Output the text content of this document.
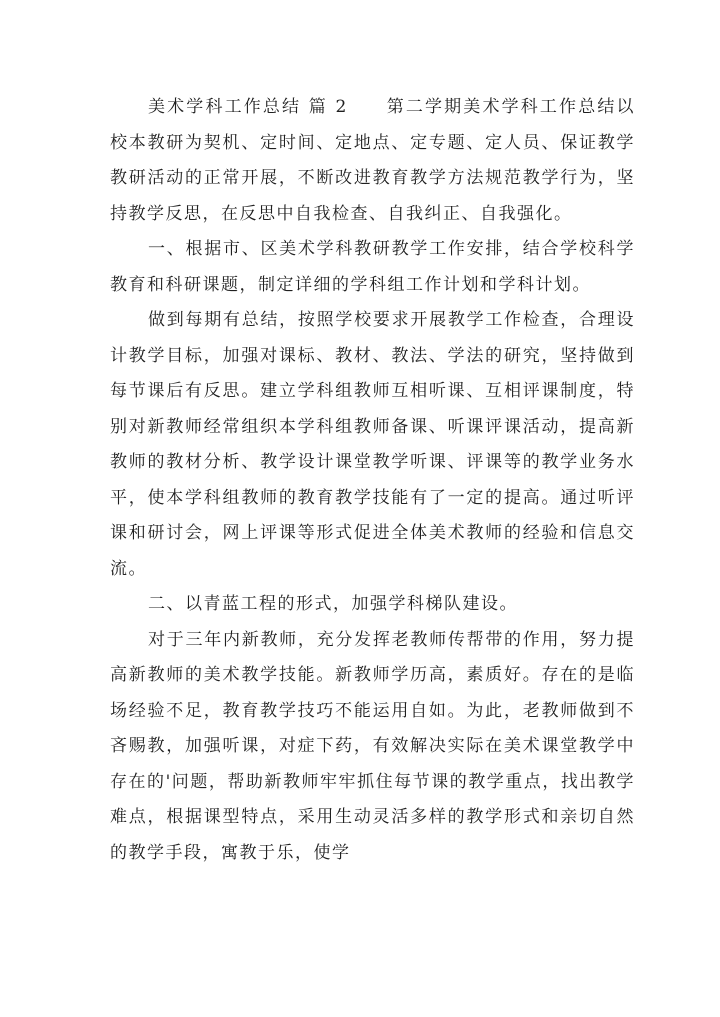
美术学科工作总结 篇 2　　第二学期美术学科工作总结以校本教研为契机、定时间、定地点、定专题、定人员、保证教学教研活动的正常开展，不断改进教育教学方法规范教学行为，坚持教学反思，在反思中自我检查、自我纠正、自我强化。

一、根据市、区美术学科教研教学工作安排，结合学校科学教育和科研课题，制定详细的学科组工作计划和学科计划。

做到每期有总结，按照学校要求开展教学工作检查，合理设计教学目标，加强对课标、教材、教法、学法的研究，坚持做到每节课后有反思。建立学科组教师互相听课、互相评课制度，特别对新教师经常组织本学科组教师备课、听课评课活动，提高新教师的教材分析、教学设计课堂教学听课、评课等的教学业务水平，使本学科组教师的教育教学技能有了一定的提高。通过听评课和研讨会，网上评课等形式促进全体美术教师的经验和信息交流。

二、以青蓝工程的形式，加强学科梯队建设。

对于三年内新教师，充分发挥老教师传帮带的作用，努力提高新教师的美术教学技能。新教师学历高，素质好。存在的是临场经验不足，教育教学技巧不能运用自如。为此，老教师做到不吝赐教，加强听课，对症下药，有效解决实际在美术课堂教学中存在的'问题，帮助新教师牢牢抓住每节课的教学重点，找出教学难点，根据课型特点，采用生动灵活多样的教学形式和亲切自然的教学手段，寓教于乐，使学
